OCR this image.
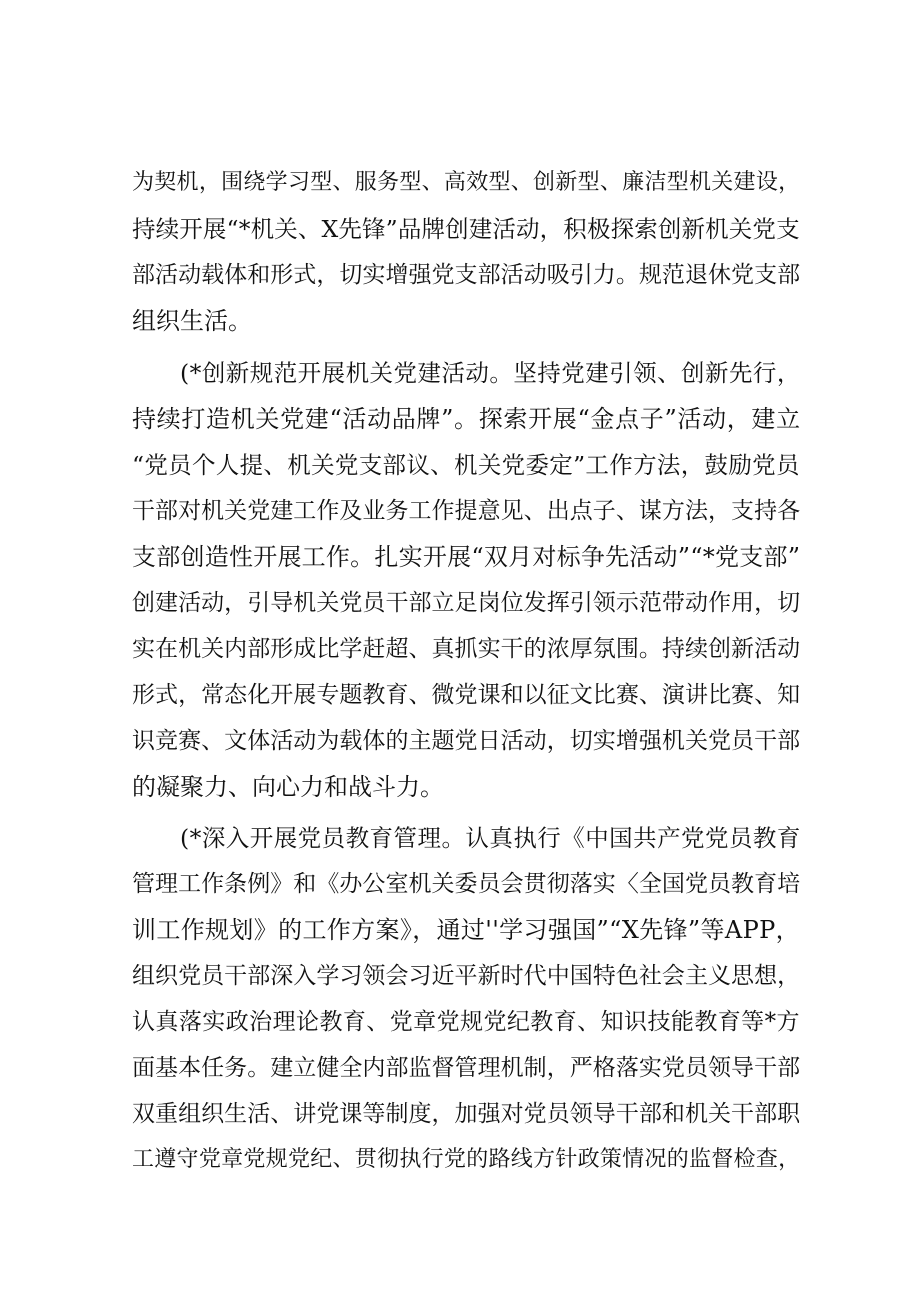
为契机，围绕学习型、服务型、高效型、创新型、廉洁型机关建设，
持续开展“*机关、X先锋”品牌创建活动，积极探索创新机关党支
部活动载体和形式，切实增强党支部活动吸引力。规范退休党支部
组织生活。
(*创新规范开展机关党建活动。坚持党建引领、创新先行，
持续打造机关党建“活动品牌”。探索开展“金点子”活动，建立
“党员个人提、机关党支部议、机关党委定”工作方法，鼓励党员
干部对机关党建工作及业务工作提意见、出点子、谋方法，支持各
支部创造性开展工作。扎实开展“双月对标争先活动”“*党支部”
创建活动，引导机关党员干部立足岗位发挥引领示范带动作用，切
实在机关内部形成比学赶超、真抓实干的浓厚氛围。持续创新活动
形式，常态化开展专题教育、微党课和以征文比赛、演讲比赛、知
识竞赛、文体活动为载体的主题党日活动，切实增强机关党员干部
的凝聚力、向心力和战斗力。
(*深入开展党员教育管理。认真执行《中国共产党党员教育
管理工作条例》和《办公室机关委员会贯彻落实〈全国党员教育培
训工作规划》的工作方案》，通过''学习强国”“X先锋”等APP，
组织党员干部深入学习领会习近平新时代中国特色社会主义思想，
认真落实政治理论教育、党章党规党纪教育、知识技能教育等*方
面基本任务。建立健全内部监督管理机制，严格落实党员领导干部
双重组织生活、讲党课等制度，加强对党员领导干部和机关干部职
工遵守党章党规党纪、贯彻执行党的路线方针政策情况的监督检查，
